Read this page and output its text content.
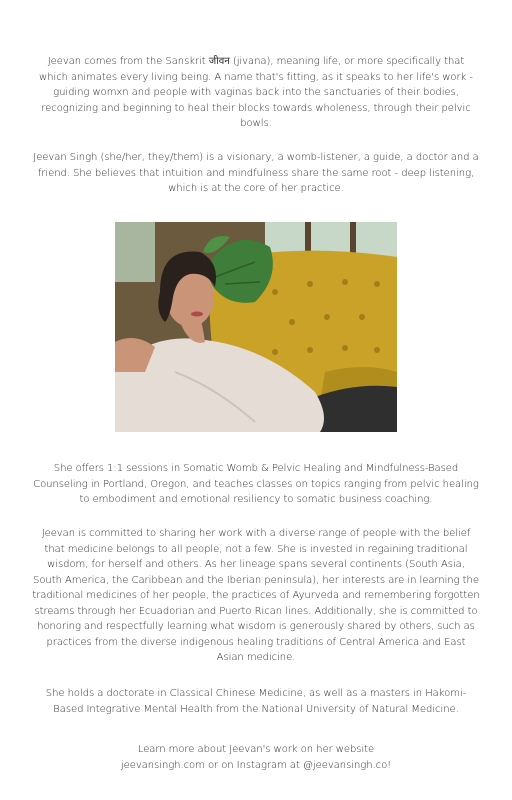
Jeevan comes from the Sanskrit जीवन (jivana), meaning life, or more specifically that which animates every living being. A name that's fitting, as it speaks to her life's work - guiding womxn and people with vaginas back into the sanctuaries of their bodies, recognizing and beginning to heal their blocks towards wholeness, through their pelvic bowls.

Jeevan Singh (she/her, they/them) is a visionary, a womb-listener, a guide, a doctor and a friend. She believes that intuition and mindfulness share the same root - deep listening, which is at the core of her practice.

She offers 1:1 sessions in Somatic Womb & Pelvic Healing and Mindfulness-Based Counseling in Portland, Oregon, and teaches classes on topics ranging from pelvic healing to embodiment and emotional resiliency to somatic business coaching.

Jeevan is committed to sharing her work with a diverse range of people with the belief that medicine belongs to all people, not a few. She is invested in regaining traditional wisdom, for herself and others. As her lineage spans several continents (South Asia, South America, the Caribbean and the Iberian peninsula), her interests are in learning the traditional medicines of her people, the practices of Ayurveda and remembering forgotten streams through her Ecuadorian and Puerto Rican lines. Additionally, she is committed to honoring and respectfully learning what wisdom is generously shared by others, such as practices from the diverse indigenous healing traditions of Central America and East Asian medicine.

She holds a doctorate in Classical Chinese Medicine, as well as a masters in Hakomi-Based Integrative Mental Health from the National University of Natural Medicine.

Learn more about Jeevan's work on her website
jeevansingh.com or on Instagram at @jeevansingh.co!
